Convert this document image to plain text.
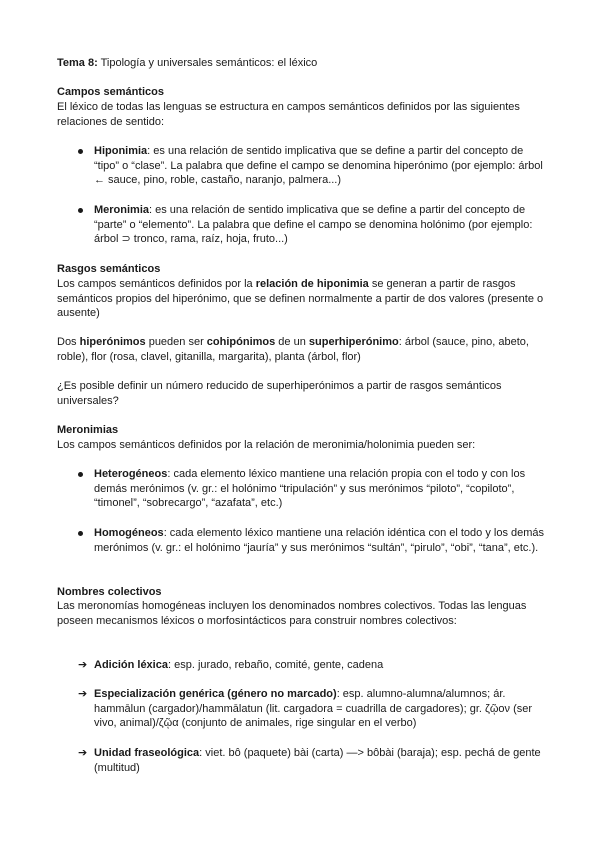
Tema 8: Tipología y universales semánticos: el léxico

Campos semánticos

El léxico de todas las lenguas se estructura en campos semánticos definidos por las siguientes relaciones de sentido:

Hiponimia: es una relación de sentido implicativa que se define a partir del concepto de “tipo” o “clase”. La palabra que define el campo se denomina hiperónimo (por ejemplo: árbol ← sauce, pino, roble, castaño, naranjo, palmera...)
Meronimia: es una relación de sentido implicativa que se define a partir del concepto de “parte” o “elemento”. La palabra que define el campo se denomina holónimo (por ejemplo: árbol ⊃ tronco, rama, raíz, hoja, fruto...)

Rasgos semánticos

Los campos semánticos definidos por la relación de hiponimia se generan a partir de rasgos semánticos propios del hiperónimo, que se definen normalmente a partir de dos valores (presente o ausente)

Dos hiperónimos pueden ser cohipónimos de un superhiperónimo: árbol (sauce, pino, abeto, roble), flor (rosa, clavel, gitanilla, margarita), planta (árbol, flor)

¿Es posible definir un número reducido de superhiperónimos a partir de rasgos semánticos universales?

Meronimias

Los campos semánticos definidos por la relación de meronimia/holonimia pueden ser:

Heterogéneos: cada elemento léxico mantiene una relación propia con el todo y con los demás merónimos (v. gr.: el holónimo “tripulación” y sus merónimos “piloto”, “copiloto”, “timonel”, “sobrecargo”, “azafata”, etc.)
Homogéneos: cada elemento léxico mantiene una relación idéntica con el todo y los demás merónimos (v. gr.: el holónimo “jauría” y sus merónimos “sultán”, “pirulo”, “obi”, “tana”, etc.).

Nombres colectivos

Las meronomías homogéneas incluyen los denominados nombres colectivos. Todas las lenguas poseen mecanismos léxicos o morfosintácticos para construir nombres colectivos:

➔ Adición léxica: esp. jurado, rebaño, comité, gente, cadena
➔ Especialización genérica (género no marcado): esp. alumno-alumna/alumnos; ár. hammālun (cargador)/hammālatun (lit. cargadora = cuadrilla de cargadores); gr. ζῷον (ser vivo, animal)/ζῷα (conjunto de animales, rige singular en el verbo)
➔ Unidad fraseológica: viet. bô (paquete) bài (carta) —> bôbài (baraja); esp. pechá de gente (multitud)
